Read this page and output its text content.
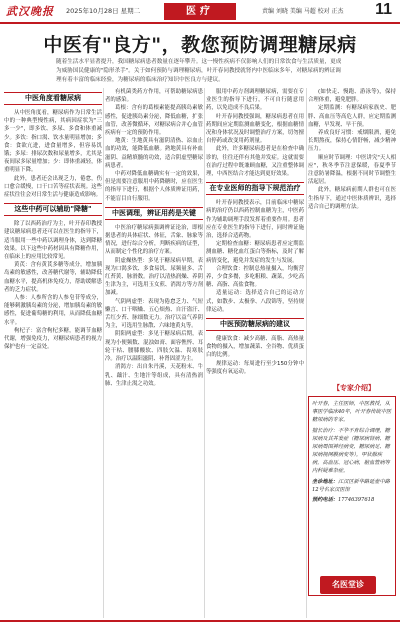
武汉晚报 2025年10月28日 星期二	医疗	责编 刘晓 美编 马超 校对 正杰 11
中医有"良方"，教您预防调理糖尿病
随着生活水平显著提升，我国糖尿病患者数量在逐年攀升。这一慢性疾病不仅影响人们的日常饮食与生活质量，更成为威胁国民健康的"隐形杀手"。关于如何预防与调理糖尿病，叶开春同教授就肾内中医临床多年，对糖尿病的辨证调理有着丰富的临床经验，为糖尿病的临床治疗知识中医良方与建议。
中医角度看糖尿病

从中医角度看，糖尿病作为日常生活中的一种典型慢性病，其病因症状为"三多一少"，即多饮、多尿、多食和体重减少。多饮：指口渴、饮水量明显增加；多食：食欲亢进，进食量增多，但容易饥饿；多尿：排尿次数和尿量增多，尤其是夜间尿多尿量增加；少：即体重减轻，体重明显下降。

此外，患者还会出现乏力，倦怠，伤口愈合缓慢，口干口苦等症状表现。这些症状往往会对日常生活与健康造成影响。

这些中药可以辅助"降糖"

除了以西药治疗为主，叶开春印教授建议糖尿病患者还可以在医生的指导下，适当服用一些中药以调理身体，达到降糖效果。以下这些中药材因具有降糖作用，在临床上的应用比较常见。

黄芪：含有黄芪多糖等成分，增加胰岛素的敏感性，改善糖代谢等，辅助降低血糖水平，提高机体免疫力，帮助缓解患者的乏力症状。

人参：人参所含的人参皂苷等成分，能够刺激胰岛素的分泌，增加胰岛素的敏感性，促进葡萄糖的利用，从而降低血糖水平。

枸杞子：富含枸杞多糖，能调节血糖代谢，增强免疫力，对糖尿病患者的视力保护也有一定益处。

有机菌类药方作用，可帮助糖尿病患者的感染。

葛根：含有的葛根素能提高胰岛素敏感性，促进胰岛素分泌，降低血糖，扩张血管，改善微循环，对糖尿病合并心血管疾病有一定的预防作用。

地黄：生地黄具有滋阴清热、凉血止血的功效，能降低血糖。熟地黄具有补血滋阴、益精填髓的功效，适合阴虚型糖尿病患者。

中药对降低血糖确实有一定的效果，但是需要注意服用中药降糖时，应在医生的指导下进行，根据个人体质辨证用药，不能盲目自行服用。

中医调理，辨证用药是关键

中医治疗糖尿病强调辨证论治，即根据患者的具体症状、体征，舌象、脉象等情况，进行综合分析，判断疾病的证型，从而制定个性化的治疗方案。

阴虚燥热型：多见于糖尿病早期，表现为口渴多饮、多食易饥、尿频量多、舌红苔黄、脉滑数。治疗以清热润燥、养阴生津为主，可选用玉女煎、消渴方等方剂加减。

气阴两虚型：表现为倦怠乏力、气短懒言、口干咽燥、五心烦热、自汗盗汗、舌红少苔、脉细数无力。治疗以益气养阴为主，可选用生脉散、六味地黄丸等。

阴阳两虚型：多见于糖尿病后期，表现为小便频数、混浊如膏、面容憔悴、耳轮干枯、腰膝酸软、四肢欠温、畏寒肢冷。治疗以温阳滋阴、补肾固涩为主。

消渴方：出自朱丹溪，天花粉末、牛乳、藕汁、生地汁等组成，具有清热润肺、生津止渴之功效。

服用中药方剂调理糖尿病，需要在专业医生的指导下进行，不可自行随意用药，以免造成不良后果。

叶开春同教授强调，糖尿病患者在用药期间应定期监测血糖变化，根据血糖情况和身体状况及时调整治疗方案，切勿擅自停药或改变用药剂量。

此外，许多糖尿病患者是在检查中确诊的，往往还伴有其他并发症。这就需要在治疗过程中既兼顾血糖，又注重整体调理，中西医结合才能达到更好效果。

在专业医师的指导下规范治疗

叶开春同教授表示，目前临床中糖尿病的治疗仍以西药控制血糖为主，中医药作为辅助调理手段发挥着重要作用。患者应在专业医生的指导下进行，同时辨证施治，选择合适药物。

定期检查血糖：糖尿病患者应定期监测血糖、糖化血红蛋白等指标，及时了解病情变化，避免并发症的发生与发展。

合理饮食：控制总热量摄入，均衡营养，少食多餐，多吃粗粮、蔬菜，少吃高糖、高脂、高盐食物。

适量运动：选择适合自己的运动方式，如散步、太极拳、八段锦等，坚持规律运动。

中医预防糖尿病的建议

健康饮食：减少高糖、高脂、高热量食物的摄入，增加蔬菜、全谷物、优质蛋白的比例。

规律运动：每周进行至少150分钟中等强度有氧运动。

(如快走、慢跑、游泳等)，保持合理体重，避免肥胖。

定期监测：有糖尿病家族史、肥胖、高血压等高危人群，应定期监测血糖，早发现、早干预。

养成良好习惯：戒烟限酒，避免长期熬夜，保持心情舒畅，减少精神压力。

顺应时节调理：中医讲究"天人相应"，秋冬季节注意保暖，春夏季节注意防暑降温，根据不同时节调整生活起居。

此外，糖尿病前期人群也可在医生指导下，通过中医体质辨识，选择适合自己的调理方法。

【专家介绍】

叶开春，主任医师，中医教授，从事医学临床40年，叶开春传统中医糖尿病的专家。

擅长治疗：不孕不育综合调理，糖尿病及其并发症（糖尿病肾病、糖尿病周围神经病变、糖尿病足、糖尿病视网膜病变等），甲状腺疾病，高血压、冠心病，脑血管病等内科疑难杂症。

坐诊地址：江汉区新华路延壶中路12号名家汉医馆

预约电话：17746397618

名医堂诊
